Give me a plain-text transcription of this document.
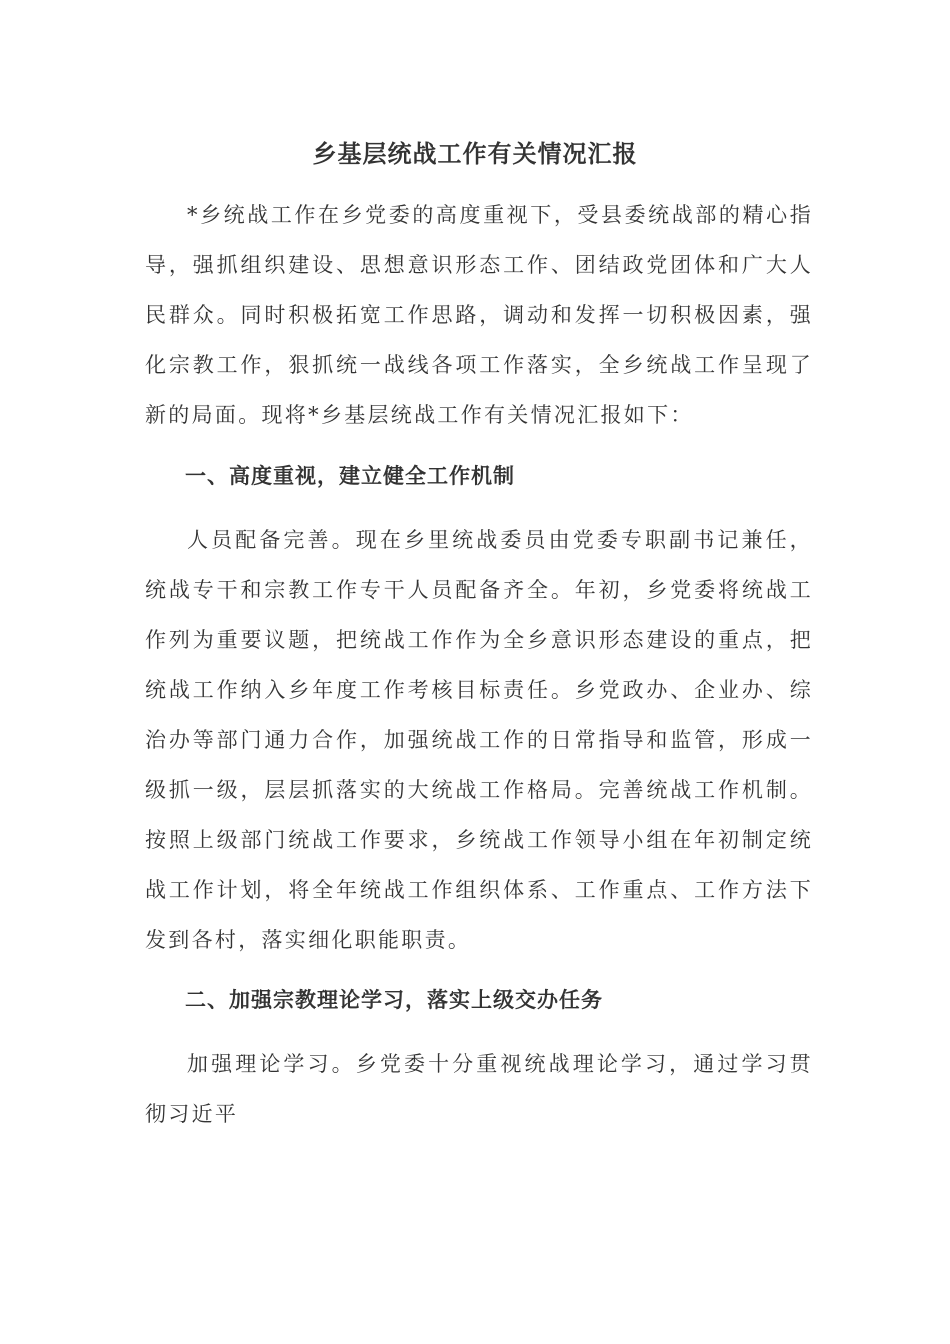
乡基层统战工作有关情况汇报

*乡统战工作在乡党委的高度重视下，受县委统战部的精心指导，强抓组织建设、思想意识形态工作、团结政党团体和广大人民群众。同时积极拓宽工作思路，调动和发挥一切积极因素，强化宗教工作，狠抓统一战线各项工作落实，全乡统战工作呈现了新的局面。现将*乡基层统战工作有关情况汇报如下：

一、高度重视，建立健全工作机制

人员配备完善。现在乡里统战委员由党委专职副书记兼任，统战专干和宗教工作专干人员配备齐全。年初，乡党委将统战工作列为重要议题，把统战工作作为全乡意识形态建设的重点，把统战工作纳入乡年度工作考核目标责任。乡党政办、企业办、综治办等部门通力合作，加强统战工作的日常指导和监管，形成一级抓一级，层层抓落实的大统战工作格局。完善统战工作机制。按照上级部门统战工作要求，乡统战工作领导小组在年初制定统战工作计划，将全年统战工作组织体系、工作重点、工作方法下发到各村，落实细化职能职责。

二、加强宗教理论学习，落实上级交办任务

加强理论学习。乡党委十分重视统战理论学习，通过学习贯彻习近平
